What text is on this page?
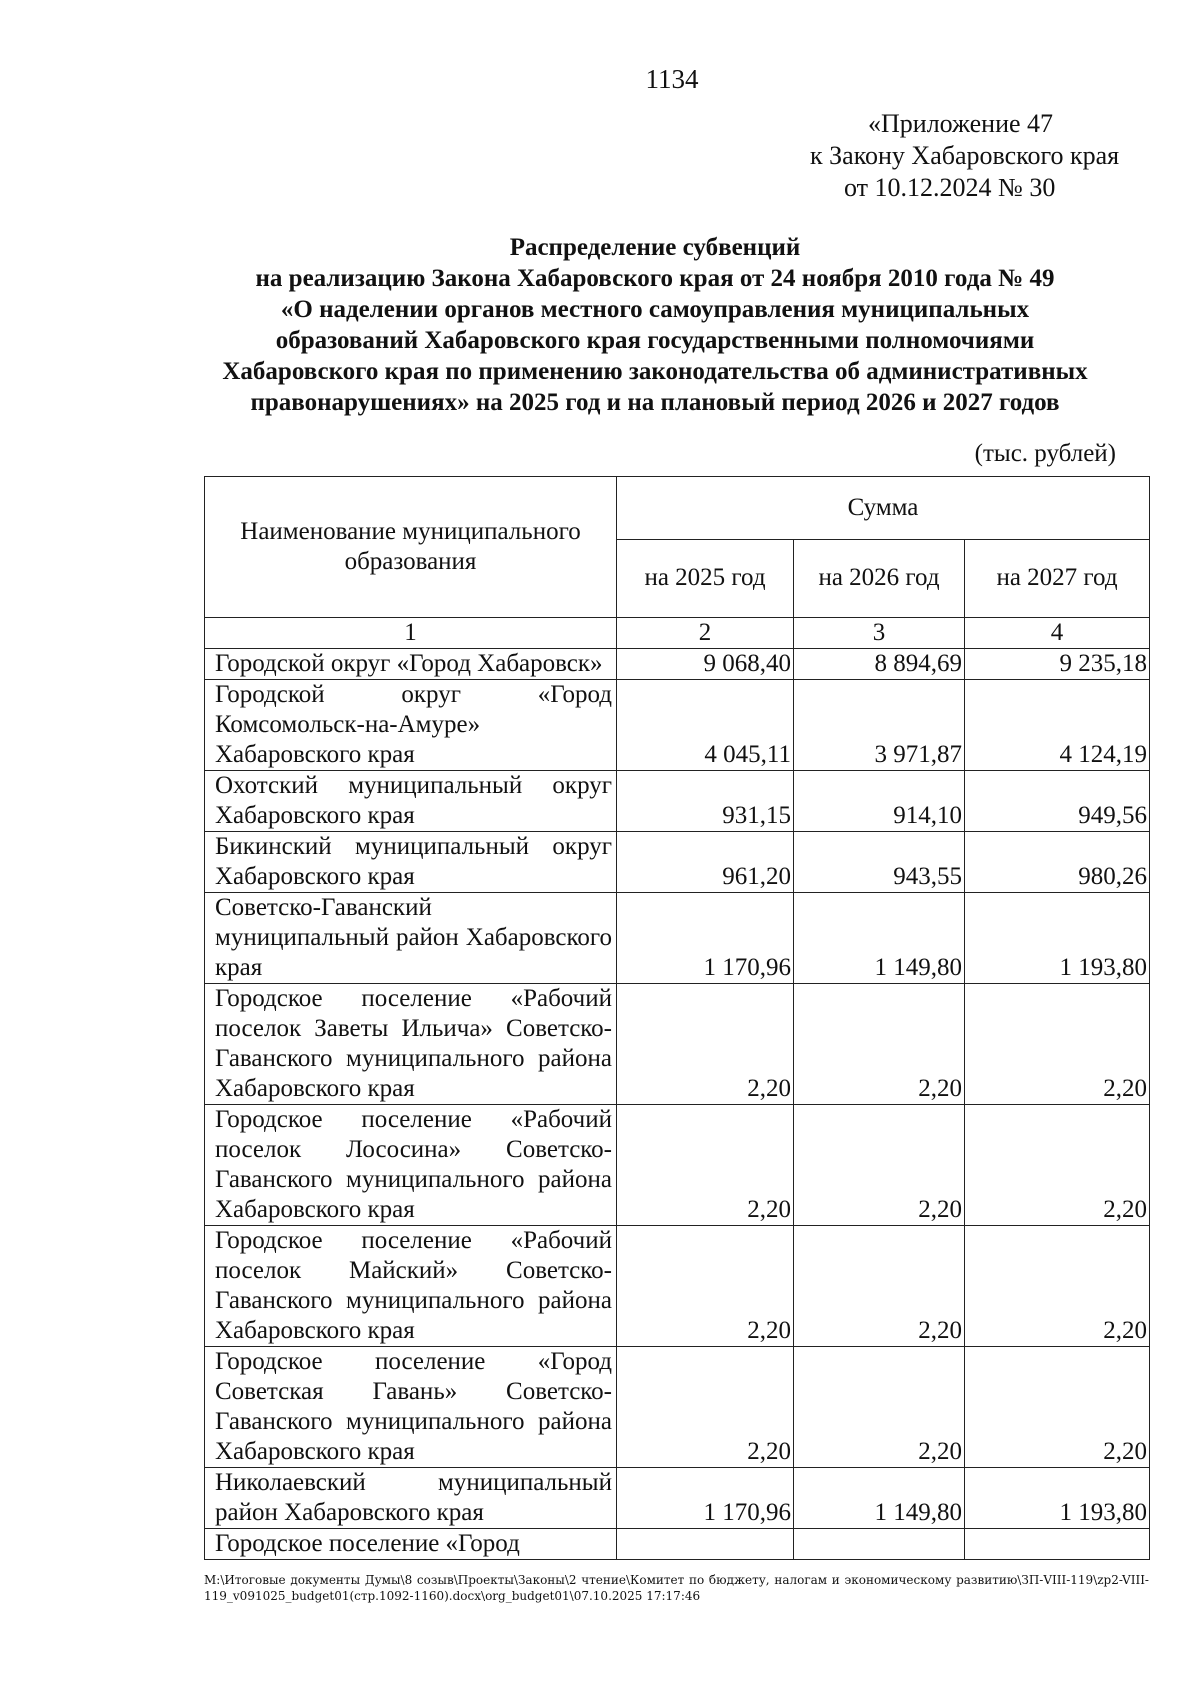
1134
«Приложение 47
к Закону Хабаровского края
от 10.12.2024 № 30
Распределение субвенций
на реализацию Закона Хабаровского края от 24 ноября 2010 года № 49
«О наделении органов местного самоуправления муниципальных
образований Хабаровского края государственными полномочиями
Хабаровского края по применению законодательства об административных
правонарушениях» на 2025 год и на плановый период 2026 и 2027 годов
(тыс. рублей)
Наименование муниципального образования	Сумма		
	на 2025 год	на 2026 год	на 2027 год
1	2	3	4
Городской округ «Город Хабаровск»	9 068,40	8 894,69	9 235,18
Городской округ «Город Комсомольск-на-Амуре» Хабаровского края	4 045,11	3 971,87	4 124,19
Охотский муниципальный округ Хабаровского края	931,15	914,10	949,56
Бикинский муниципальный округ Хабаровского края	961,20	943,55	980,26
Советско-Гаванский муниципальный район Хабаровского края	1 170,96	1 149,80	1 193,80
Городское поселение «Рабочий поселок Заветы Ильича» Советско-Гаванского муниципального района Хабаровского края	2,20	2,20	2,20
Городское поселение «Рабочий поселок Лососина» Советско-Гаванского муниципального района Хабаровского края	2,20	2,20	2,20
Городское поселение «Рабочий поселок Майский» Советско-Гаванского муниципального района Хабаровского края	2,20	2,20	2,20
Городское поселение «Город Советская Гавань» Советско-Гаванского муниципального района Хабаровского края	2,20	2,20	2,20
Николаевский муниципальный район Хабаровского края	1 170,96	1 149,80	1 193,80
Городское поселение «Город			
M:\Итоговые документы Думы\8 созыв\Проекты\Законы\2 чтение\Комитет по бюджету, налогам и экономическому развитию\ЗП-VIII-119\zp2-VIII-119_v091025_budget01(стр.1092-1160).docx\org_budget01\07.10.2025 17:17:46
